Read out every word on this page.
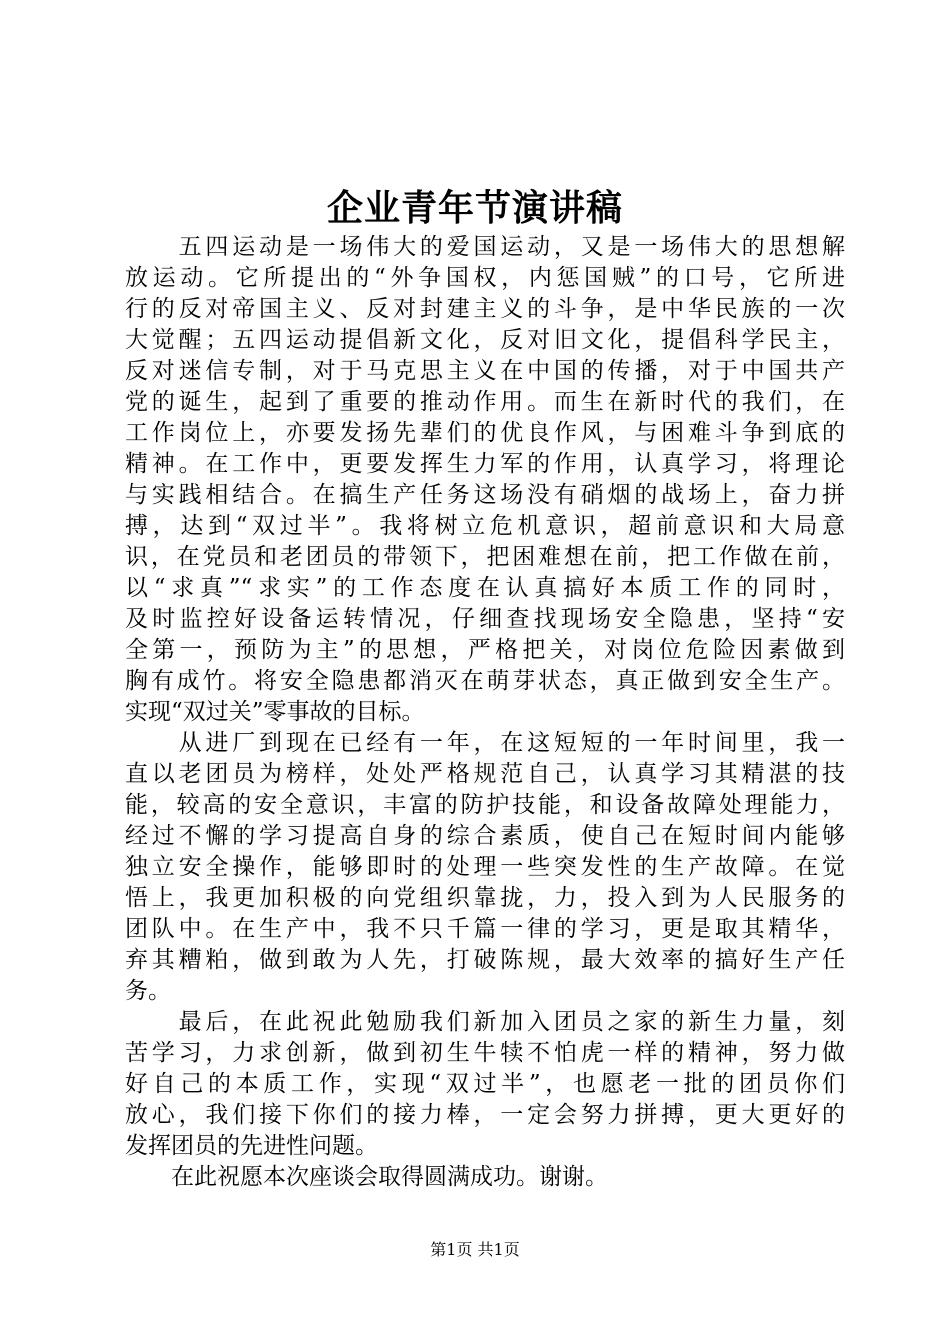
企业青年节演讲稿
　　五四运动是一场伟大的爱国运动，又是一场伟大的思想解
放运动。它所提出的“外争国权，内惩国贼”的口号，它所进
行的反对帝国主义、反对封建主义的斗争，是中华民族的一次
大觉醒；五四运动提倡新文化，反对旧文化，提倡科学民主，
反对迷信专制，对于马克思主义在中国的传播，对于中国共产
党的诞生，起到了重要的推动作用。而生在新时代的我们，在
工作岗位上，亦要发扬先辈们的优良作风，与困难斗争到底的
精神。在工作中，更要发挥生力军的作用，认真学习，将理论
与实践相结合。在搞生产任务这场没有硝烟的战场上，奋力拼
搏，达到“双过半”。我将树立危机意识，超前意识和大局意
识，在党员和老团员的带领下，把困难想在前，把工作做在前，
以“求真”“求实”的工作态度在认真搞好本质工作的同时，
及时监控好设备运转情况，仔细查找现场安全隐患，坚持“安
全第一，预防为主”的思想，严格把关，对岗位危险因素做到
胸有成竹。将安全隐患都消灭在萌芽状态，真正做到安全生产。
实现“双过关”零事故的目标。
　　从进厂到现在已经有一年，在这短短的一年时间里，我一
直以老团员为榜样，处处严格规范自己，认真学习其精湛的技
能，较高的安全意识，丰富的防护技能，和设备故障处理能力，
经过不懈的学习提高自身的综合素质，使自己在短时间内能够
独立安全操作，能够即时的处理一些突发性的生产故障。在觉
悟上，我更加积极的向党组织靠拢，力，投入到为人民服务的
团队中。在生产中，我不只千篇一律的学习，更是取其精华，
弃其糟粕，做到敢为人先，打破陈规，最大效率的搞好生产任
务。
　　最后，在此祝此勉励我们新加入团员之家的新生力量，刻
苦学习，力求创新，做到初生牛犊不怕虎一样的精神，努力做
好自己的本质工作，实现“双过半”，也愿老一批的团员你们
放心，我们接下你们的接力棒，一定会努力拼搏，更大更好的
发挥团员的先进性问题。
　　在此祝愿本次座谈会取得圆满成功。谢谢。
第1页 共1页
